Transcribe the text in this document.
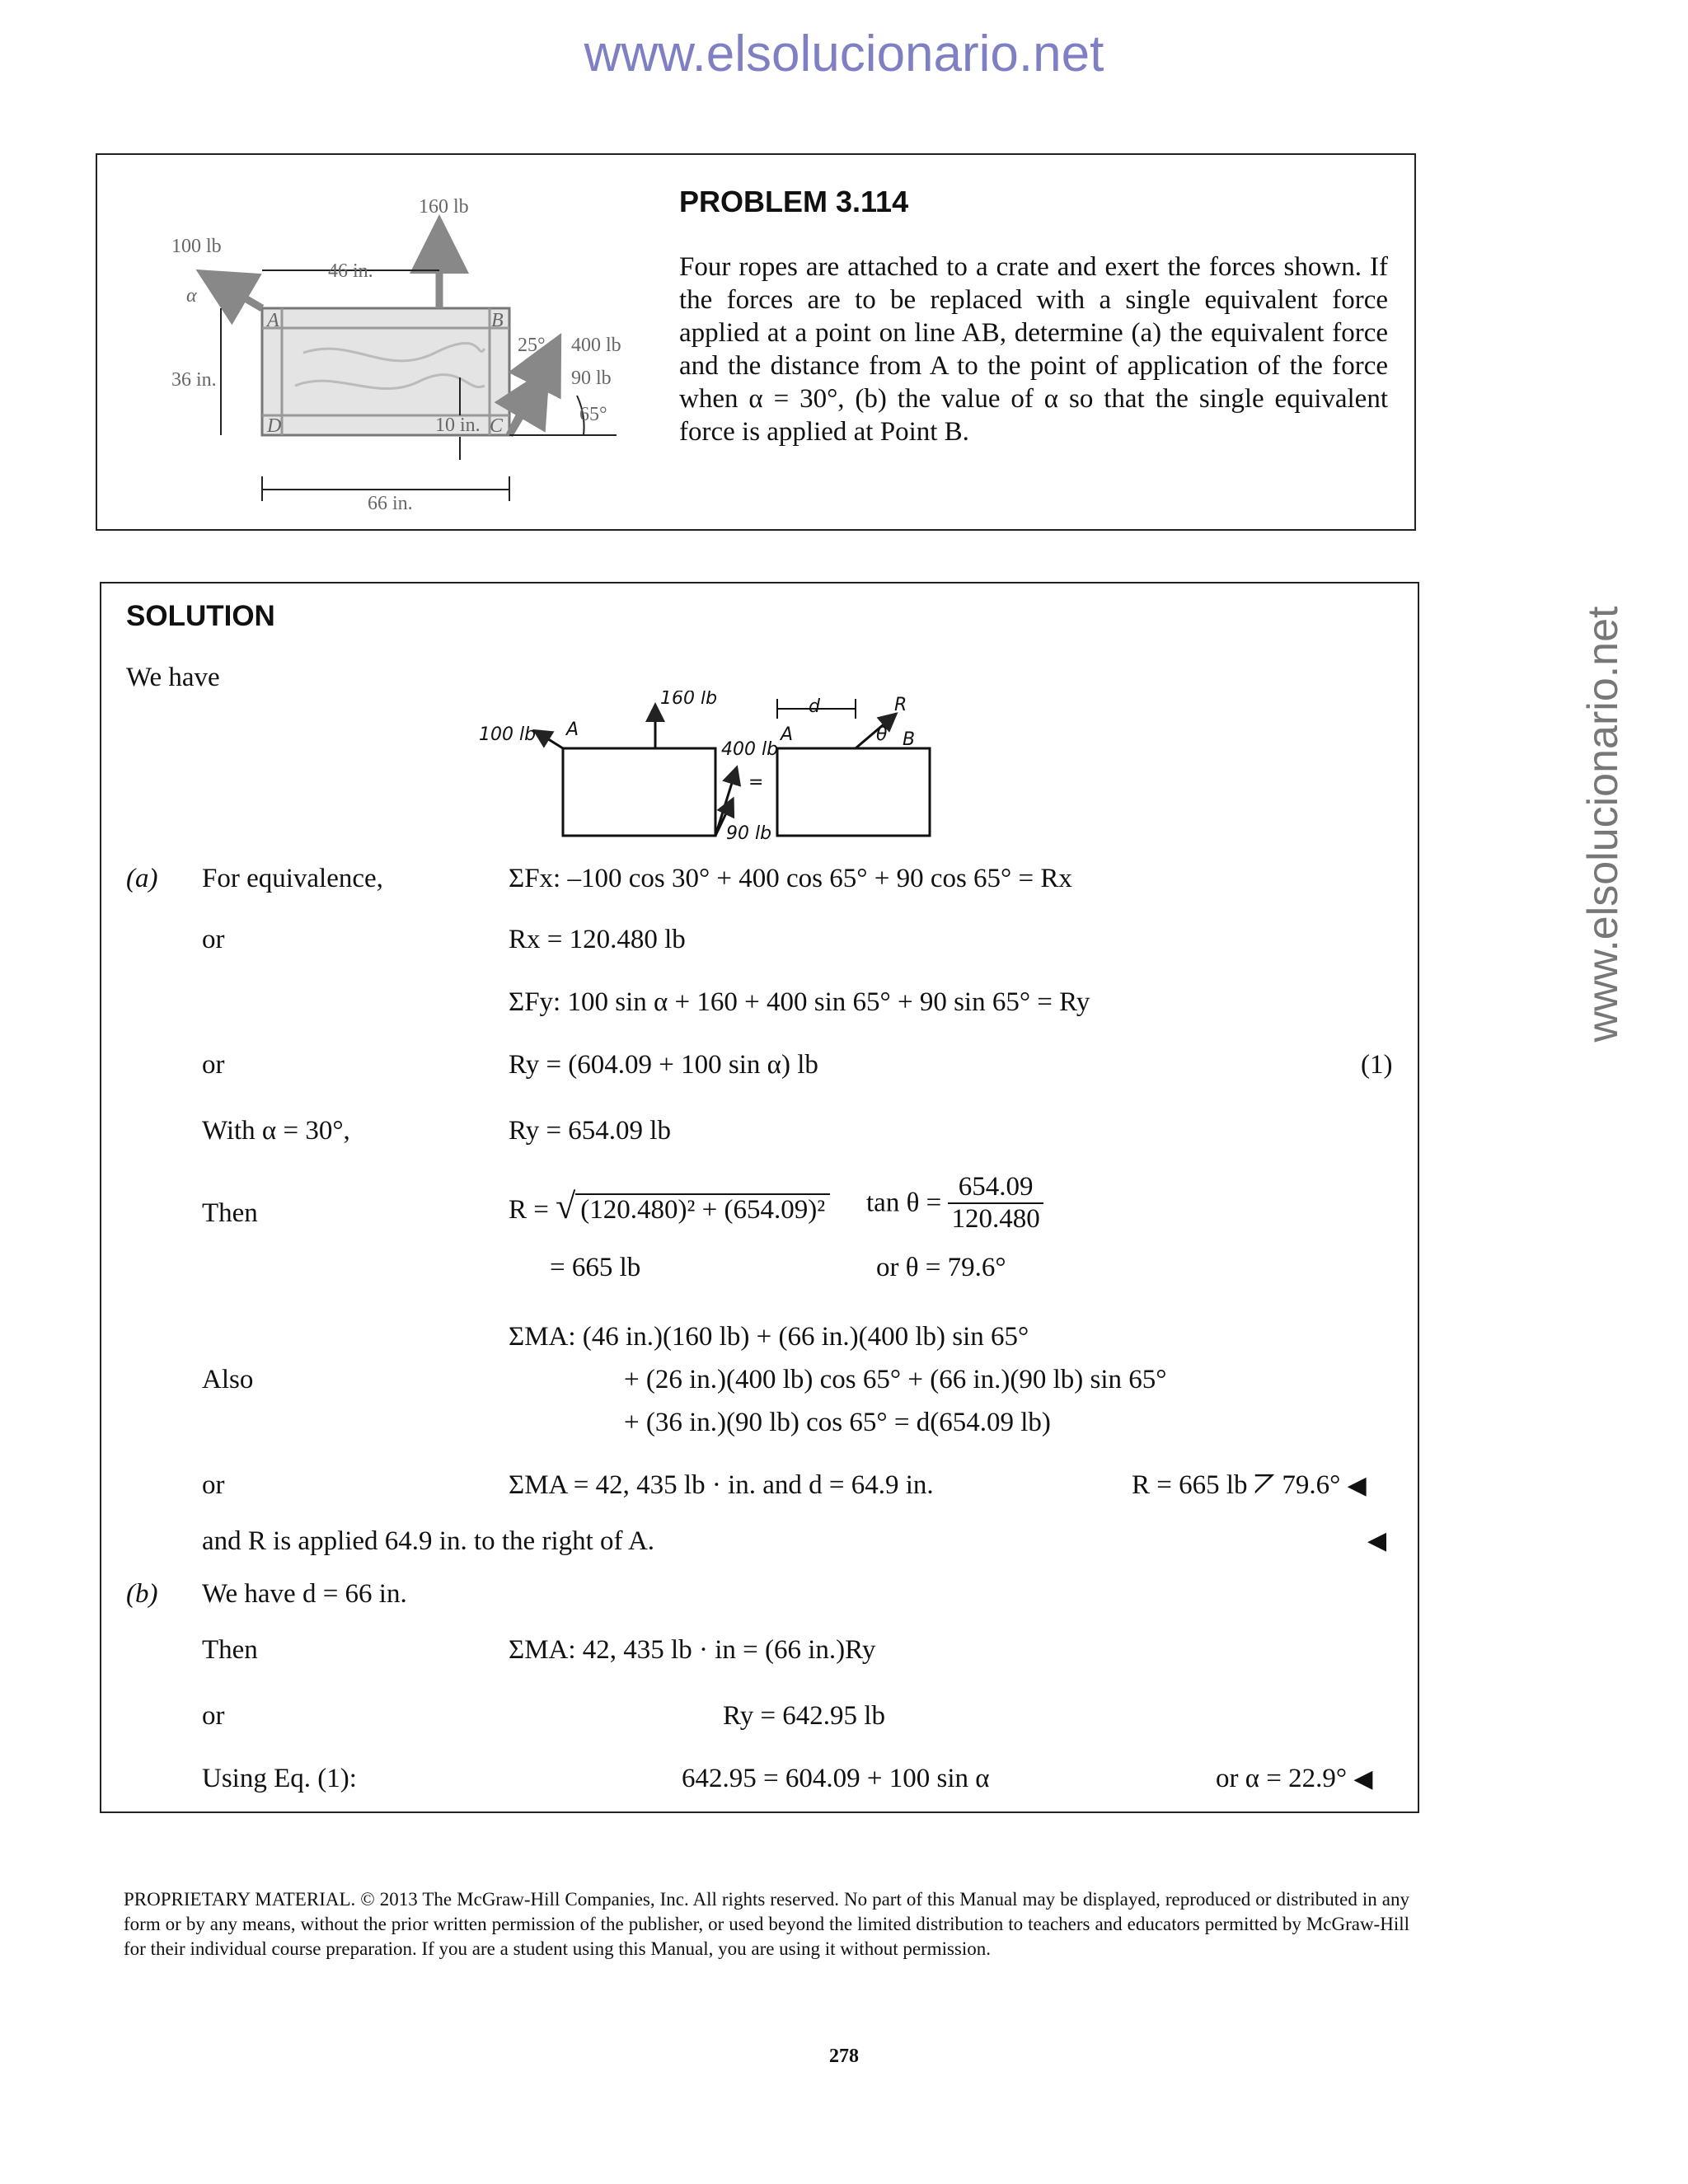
www.elsolucionario.net
www.elsolucionario.net
160 lb
100 lb
α
46 in.
36 in.
10 in.
66 in.
25° 400 lb
90 lb
65°
A	B
D	C
PROBLEM 3.114
Four ropes are attached to a crate and exert the forces shown. If the forces are to be replaced with a single equivalent force applied at a point on line AB, determine (a) the equivalent force and the distance from A to the point of application of the force when α = 30°, (b) the value of α so that the single equivalent force is applied at Point B.
SOLUTION
We have
160 lb
100 lb A
400 lb
90 lb
=
A
d	R
θ B
(a) For equivalence,	ΣFx: –100 cos 30° + 400 cos 65° + 90 cos 65° = Rx
or	Rx = 120.480 lb
ΣFy: 100 sin α + 160 + 400 sin 65° + 90 sin 65° = Ry
or	Ry = (604.09 + 100 sin α) lb	(1)
With α = 30°,	Ry = 654.09 lb
Then	R = √ (120.480)² + (654.09)² $\tan \theta = \frac{654.09}{120.480}$
= 665 lb	or θ = 79.6°
ΣMA: (46 in.)(160 lb) + (66 in.)(400 lb) sin 65°
Also	+ (26 in.)(400 lb) cos 65° + (66 in.)(90 lb) sin 65°
+ (36 in.)(90 lb) cos 65° = d(654.09 lb)
or	ΣMA = 42, 435 lb · in. and d = 64.9 in.	R = 665 lb ⦢ 79.6° ◀
and R is applied 64.9 in. to the right of A.	◀
(b) We have d = 66 in.
Then	ΣMA: 42, 435 lb · in = (66 in.)Ry
or	Ry = 642.95 lb
Using Eq. (1):	642.95 = 604.09 + 100 sin α	or α = 22.9° ◀
PROPRIETARY MATERIAL. © 2013 The McGraw-Hill Companies, Inc. All rights reserved. No part of this Manual may be displayed, reproduced or distributed in any form or by any means, without the prior written permission of the publisher, or used beyond the limited distribution to teachers and educators permitted by McGraw-Hill for their individual course preparation. If you are a student using this Manual, you are using it without permission.
278
